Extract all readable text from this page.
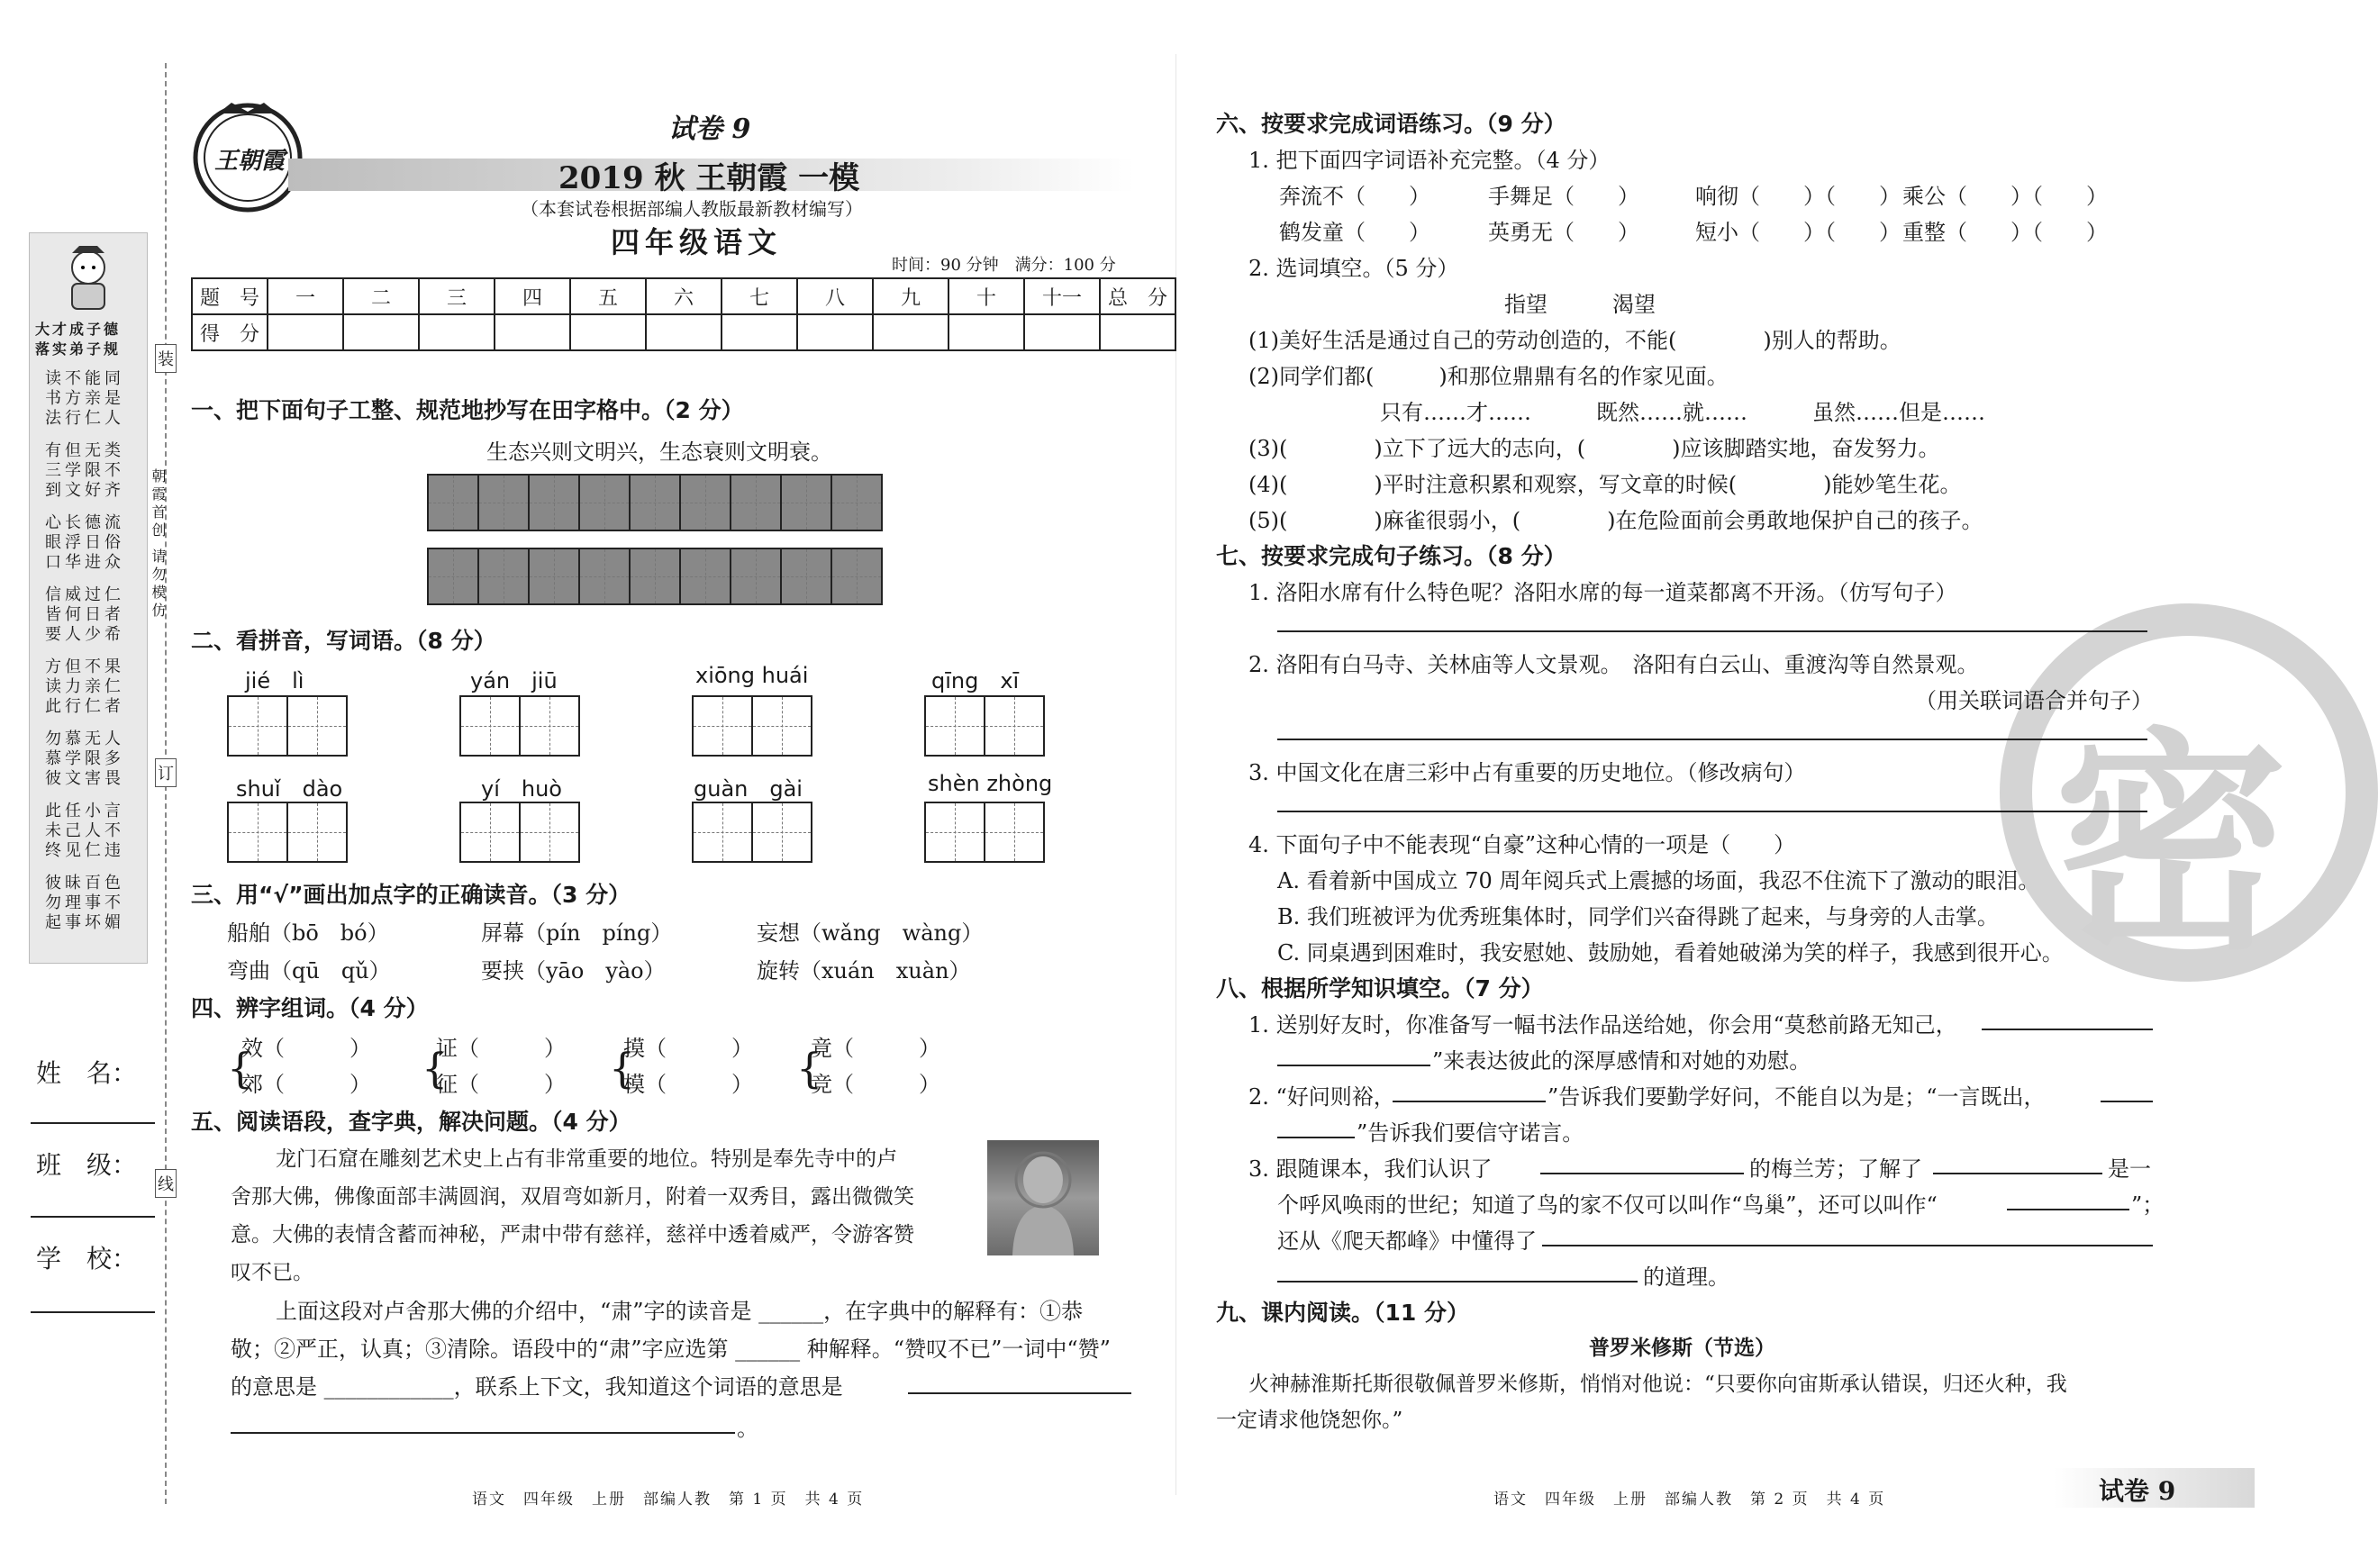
密
大才成子德
落实弟子规
读不能同书方亲是法行仁人
有但无类三学限不到文好齐
心长德流眼浮日俗口华进众
信威过仁皆何日者要人少希
方但不果读力亲仁此行仁者
勿慕无人慕学限多彼文害畏
此任小言未己人不终见仁违
彼昧百色勿理事不起事坏媚
姓　名：
班　级：
学　校：
装
订
线
朝霞首创 请勿模仿
王朝霞
试卷 9
2019 秋 王朝霞 一模
（本套试卷根据部编人教版最新教材编写）
四年级语文
时间：90 分钟　满分：100 分
题　号	一	二	三	四	五	六	七	八	九	十	十一	总　分
得　分												
一、把下面句子工整、规范地抄写在田字格中。（2 分）
生态兴则文明兴，生态衰则文明衰。
二、看拼音，写词语。（8 分）
jié　lì	yán　jiū	xiōng huái	qīng　xī
shuǐ　dào	yí　huò	guàn　gài	shèn zhòng
三、用“√”画出加点字的正确读音。（3 分）
船舶（bō　bó）	屏幕（pín　píng）	妄想（wǎng　wàng）
弯曲（qū　qǔ）	要挟（yāo　yào）	旋转（xuán　xuàn）
四、辨字组词。（4 分）
{
效（　　　）
郊（　　　） {
证（　　　）
征（　　　） {
摸（　　　）
模（　　　） {
竟（　　　）
竞（　　　）
五、阅读语段，查字典，解决问题。（4 分）
龙门石窟在雕刻艺术史上占有非常重要的地位。特别是奉先寺中的卢
舍那大佛，佛像面部丰满圆润，双眉弯如新月，附着一双秀目，露出微微笑
意。大佛的表情含蓄而神秘，严肃中带有慈祥，慈祥中透着威严，令游客赞
叹不已。
上面这段对卢舍那大佛的介绍中，“肃”字的读音是 ______，在字典中的解释有：①恭
敬；②严正，认真；③清除。语段中的“肃”字应选第 ______ 种解释。“赞叹不已”一词中“赞”
的意思是 ____________，联系上下文，我知道这个词语的意思是
。
语文　四年级　上册　部编人教　第 1 页　共 4 页
六、按要求完成词语练习。（9 分）
1. 把下面四字词语补充完整。（4 分）
奔流不（　　）	手舞足（　　）	响彻（　　）（　　） 乘公（　　）（　　）
鹤发童（　　）	英勇无（　　）	短小（　　）（　　） 重整（　　）（　　）
2. 选词填空。（5 分）
指望　　　渴望
(1)美好生活是通过自己的劳动创造的，不能(　　　　)别人的帮助。
(2)同学们都(　　　)和那位鼎鼎有名的作家见面。
只有……才……　　　既然……就……　　　虽然……但是……
(3)(　　　　)立下了远大的志向，(　　　　)应该脚踏实地，奋发努力。
(4)(　　　　)平时注意积累和观察，写文章的时候(　　　　)能妙笔生花。
(5)(　　　　)麻雀很弱小，(　　　　)在危险面前会勇敢地保护自己的孩子。
七、按要求完成句子练习。（8 分）
1. 洛阳水席有什么特色呢？洛阳水席的每一道菜都离不开汤。（仿写句子）
2. 洛阳有白马寺、关林庙等人文景观。　洛阳有白云山、重渡沟等自然景观。
（用关联词语合并句子）
3. 中国文化在唐三彩中占有重要的历史地位。（修改病句）
4. 下面句子中不能表现“自豪”这种心情的一项是（　　）
A. 看着新中国成立 70 周年阅兵式上震撼的场面，我忍不住流下了激动的眼泪。
B. 我们班被评为优秀班集体时，同学们兴奋得跳了起来，与身旁的人击掌。
C. 同桌遇到困难时，我安慰她、鼓励她，看着她破涕为笑的样子，我感到很开心。
八、根据所学知识填空。（7 分）
1. 送别好友时，你准备写一幅书法作品送给她，你会用“莫愁前路无知己，
”来表达彼此的深厚感情和对她的劝慰。
2. “好问则裕，	”告诉我们要勤学好问，不能自以为是；“一言既出，
”告诉我们要信守诺言。
3. 跟随课本，我们认识了	的梅兰芳；了解了	是一
个呼风唤雨的世纪；知道了鸟的家不仅可以叫作“鸟巢”，还可以叫作“	”；
还从《爬天都峰》中懂得了
的道理。
九、课内阅读。（11 分）
普罗米修斯（节选）
火神赫淮斯托斯很敬佩普罗米修斯，悄悄对他说：“只要你向宙斯承认错误，归还火种，我
一定请求他饶恕你。”
语文　四年级　上册　部编人教　第 2 页　共 4 页	试卷 9
